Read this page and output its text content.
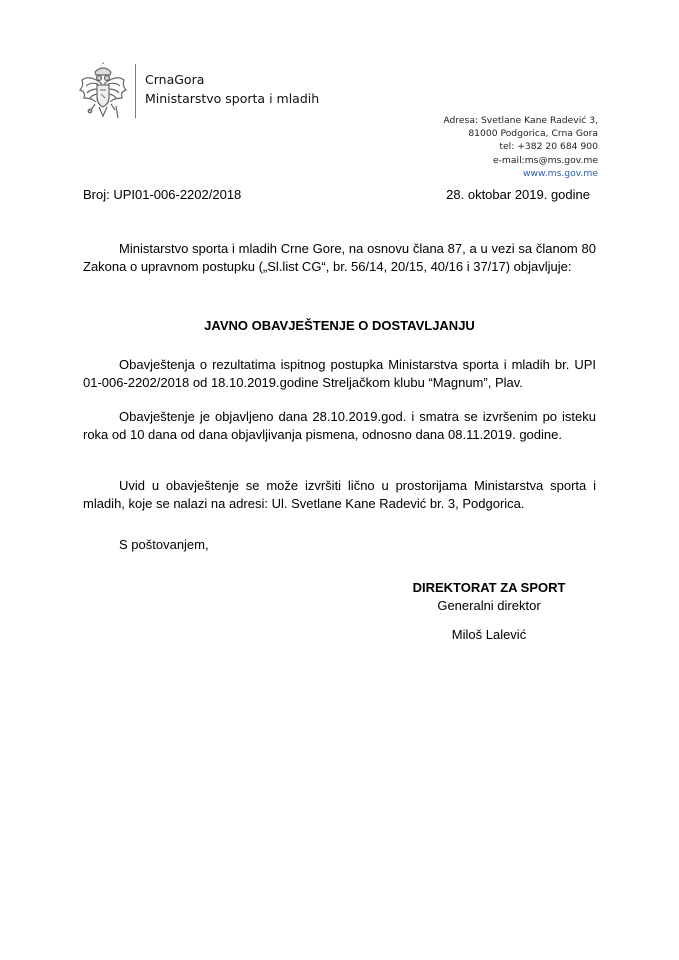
CrnaGora
Ministarstvo sporta i mladih
Adresa: Svetlane Kane Radević 3,
81000 Podgorica, Crna Gora
tel: +382 20 684 900
e-mail:ms@ms.gov.me
www.ms.gov.me
Broj: UPI01-006-2202/2018	28. oktobar 2019. godine
Ministarstvo sporta i mladih Crne Gore, na osnovu člana 87, a u vezi sa članom 80 Zakona o upravnom postupku („Sl.list CG“, br. 56/14, 20/15, 40/16 i 37/17) objavljuje:
JAVNO OBAVJEŠTENJE O DOSTAVLJANJU
Obavještenja o rezultatima ispitnog postupka Ministarstva sporta i mladih br. UPI 01-006-2202/2018 od 18.10.2019.godine Streljačkom klubu “Magnum”, Plav.
Obavještenje je objavljeno dana 28.10.2019.god. i smatra se izvršenim po isteku roka od 10 dana od dana objavljivanja pismena, odnosno dana 08.11.2019. godine.
Uvid u obavještenje se može izvršiti lično u prostorijama Ministarstva sporta i mladih, koje se nalazi na adresi: Ul. Svetlane Kane Radević br. 3, Podgorica.
S poštovanjem,
DIREKTORAT ZA SPORT
Generalni direktor
Miloš Lalević
